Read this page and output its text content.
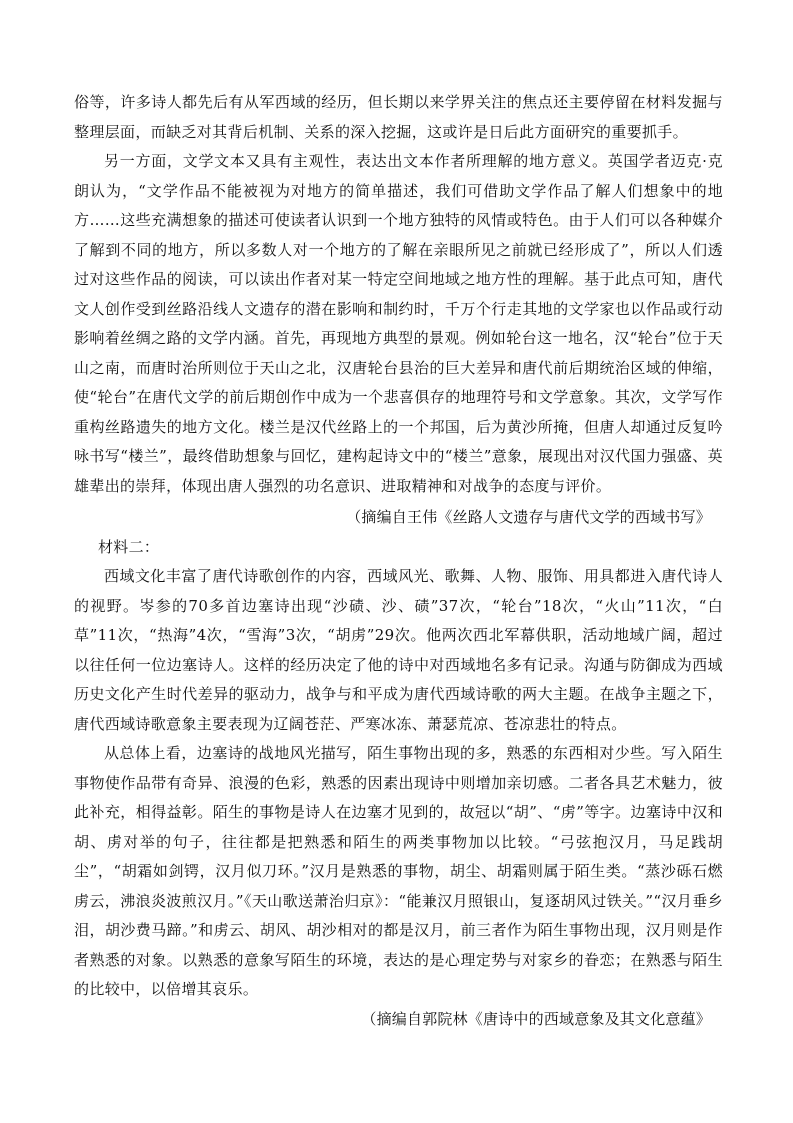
俗等，许多诗人都先后有从军西域的经历，但长期以来学界关注的焦点还主要停留在材料发掘与整理层面，而缺乏对其背后机制、关系的深入挖掘，这或许是日后此方面研究的重要抓手。

另一方面，文学文本又具有主观性，表达出文本作者所理解的地方意义。英国学者迈克·克朗认为，“文学作品不能被视为对地方的简单描述，我们可借助文学作品了解人们想象中的地方……这些充满想象的描述可使读者认识到一个地方独特的风情或特色。由于人们可以各种媒介了解到不同的地方，所以多数人对一个地方的了解在亲眼所见之前就已经形成了”，所以人们透过对这些作品的阅读，可以读出作者对某一特定空间地域之地方性的理解。基于此点可知，唐代文人创作受到丝路沿线人文遗存的潜在影响和制约时，千万个行走其地的文学家也以作品或行动影响着丝绸之路的文学内涵。首先，再现地方典型的景观。例如轮台这一地名，汉“轮台”位于天山之南，而唐时治所则位于天山之北，汉唐轮台县治的巨大差异和唐代前后期统治区域的伸缩，使“轮台”在唐代文学的前后期创作中成为一个悲喜俱存的地理符号和文学意象。其次，文学写作重构丝路遗失的地方文化。楼兰是汉代丝路上的一个邦国，后为黄沙所掩，但唐人却通过反复吟咏书写“楼兰”，最终借助想象与回忆，建构起诗文中的“楼兰”意象，展现出对汉代国力强盛、英雄辈出的崇拜，体现出唐人强烈的功名意识、进取精神和对战争的态度与评价。

（摘编自王伟《丝路人文遗存与唐代文学的西域书写》

材料二：

西域文化丰富了唐代诗歌创作的内容，西域风光、歌舞、人物、服饰、用具都进入唐代诗人的视野。岑参的70多首边塞诗出现“沙碛、沙、碛”37次，“轮台”18次，“火山”11次，“白草”11次，“热海”4次，“雪海”3次，“胡虏”29次。他两次西北军幕供职，活动地域广阔，超过以往任何一位边塞诗人。这样的经历决定了他的诗中对西域地名多有记录。沟通与防御成为西域历史文化产生时代差异的驱动力，战争与和平成为唐代西域诗歌的两大主题。在战争主题之下，唐代西域诗歌意象主要表现为辽阔苍茫、严寒冰冻、萧瑟荒凉、苍凉悲壮的特点。

从总体上看，边塞诗的战地风光描写，陌生事物出现的多，熟悉的东西相对少些。写入陌生事物使作品带有奇异、浪漫的色彩，熟悉的因素出现诗中则增加亲切感。二者各具艺术魅力，彼此补充，相得益彰。陌生的事物是诗人在边塞才见到的，故冠以“胡”、“虏”等字。边塞诗中汉和胡、虏对举的句子，往往都是把熟悉和陌生的两类事物加以比较。“弓弦抱汉月，马足践胡尘”，“胡霜如剑锷，汉月似刀环。”汉月是熟悉的事物，胡尘、胡霜则属于陌生类。“蒸沙砾石燃虏云，沸浪炎波煎汉月。”《天山歌送萧治归京》：“能兼汉月照银山，复逐胡风过铁关。”“汉月垂乡泪，胡沙费马蹄。”和虏云、胡风、胡沙相对的都是汉月，前三者作为陌生事物出现，汉月则是作者熟悉的对象。以熟悉的意象写陌生的环境，表达的是心理定势与对家乡的眷恋；在熟悉与陌生的比较中，以倍增其哀乐。

（摘编自郭院林《唐诗中的西域意象及其文化意蕴》
